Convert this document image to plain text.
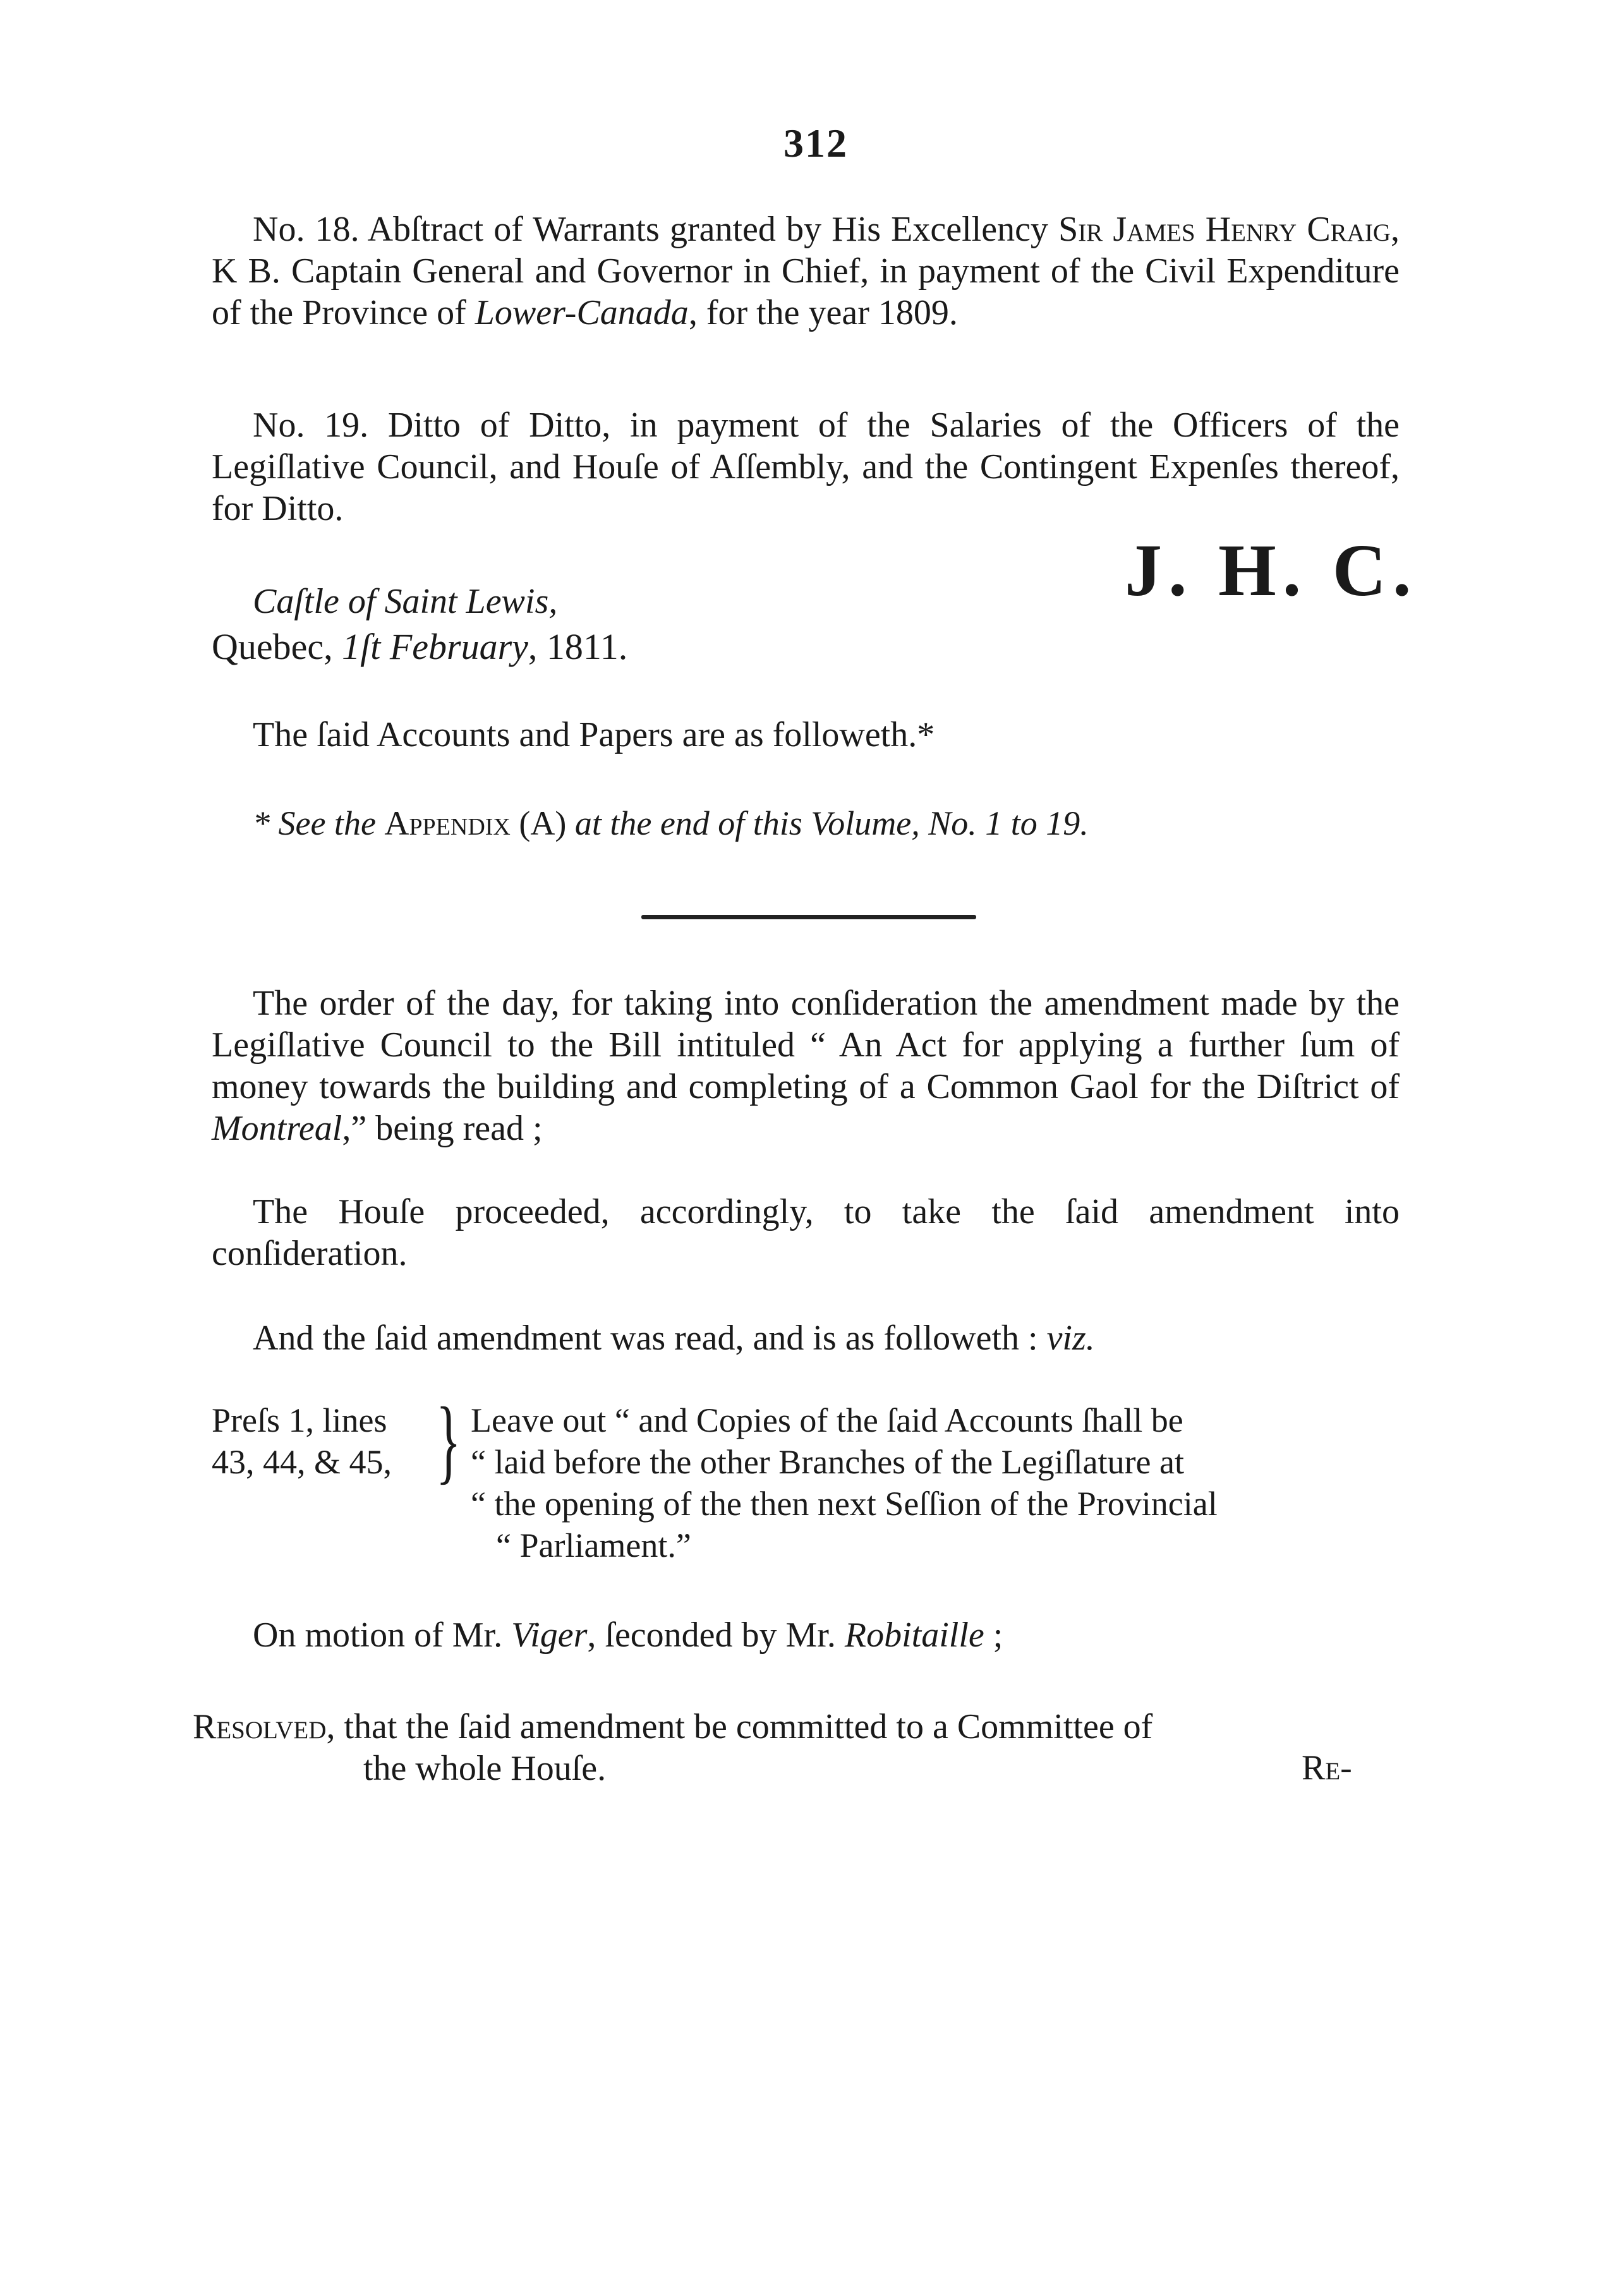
312
No. 18. Abſtract of Warrants granted by His Excellency Sir James Henry Craig, K B. Captain General and Governor in Chief, in payment of the Civil Expenditure of the Province of Lower-Canada, for the year 1809.
No. 19. Ditto of Ditto, in payment of the Salaries of the Officers of the Legiſlative Council, and Houſe of Aſſembly, and the Contingent Expenſes thereof, for Ditto.
J. H. C.
Caſtle of Saint Lewis,
Quebec, 1ſt February, 1811.
The ſaid Accounts and Papers are as followeth.*
* See the Appendix (A) at the end of this Volume, No. 1 to 19.
The order of the day, for taking into conſideration the amendment made by the Legiſlative Council to the Bill intituled “ An Act for applying a further ſum of money towards the building and completing of a Common Gaol for the Diſtrict of Montreal,” being read ;
The Houſe proceeded, accordingly, to take the ſaid amendment into conſideration.
And the ſaid amendment was read, and is as followeth : viz.
Preſs 1, lines
43, 44, & 45, } Leave out “ and Copies of the ſaid Accounts ſhall be
“ laid before the other Branches of the Legiſlature at
“ the opening of the then next Seſſion of the Provincial
“ Parliament.”
On motion of Mr. Viger, ſeconded by Mr. Robitaille ;
Resolved, that the ſaid amendment be committed to a Committee of
the whole Houſe.	Re-
